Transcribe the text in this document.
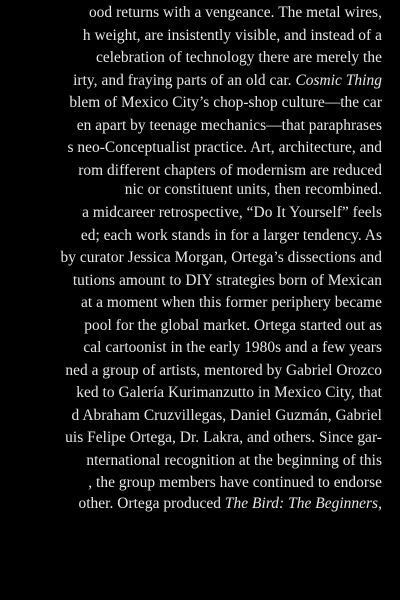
ood returns with a vengeance. The metal wires,
h weight, are insistently visible, and instead of a
celebration of technology there are merely the
irty, and fraying parts of an old car. Cosmic Thing
blem of Mexico City’s chop-shop culture—the car
en apart by teenage mechanics—that paraphrases
s neo-Conceptualist practice. Art, architecture, and
rom different chapters of modernism are reduced
nic or constituent units, then recombined.
a midcareer retrospective, “Do It Yourself” feels
ed; each work stands in for a larger tendency. As
by curator Jessica Morgan, Ortega’s dissections and
tutions amount to DIY strategies born of Mexican
at a moment when this former periphery became
pool for the global market. Ortega started out as
cal cartoonist in the early 1980s and a few years
ned a group of artists, mentored by Gabriel Orozco
ked to Galería Kurimanzutto in Mexico City, that
d Abraham Cruzvillegas, Daniel Guzmán, Gabriel
uis Felipe Ortega, Dr. Lakra, and others. Since gar-
nternational recognition at the beginning of this
, the group members have continued to endorse
other. Ortega produced The Bird: The Beginners,
